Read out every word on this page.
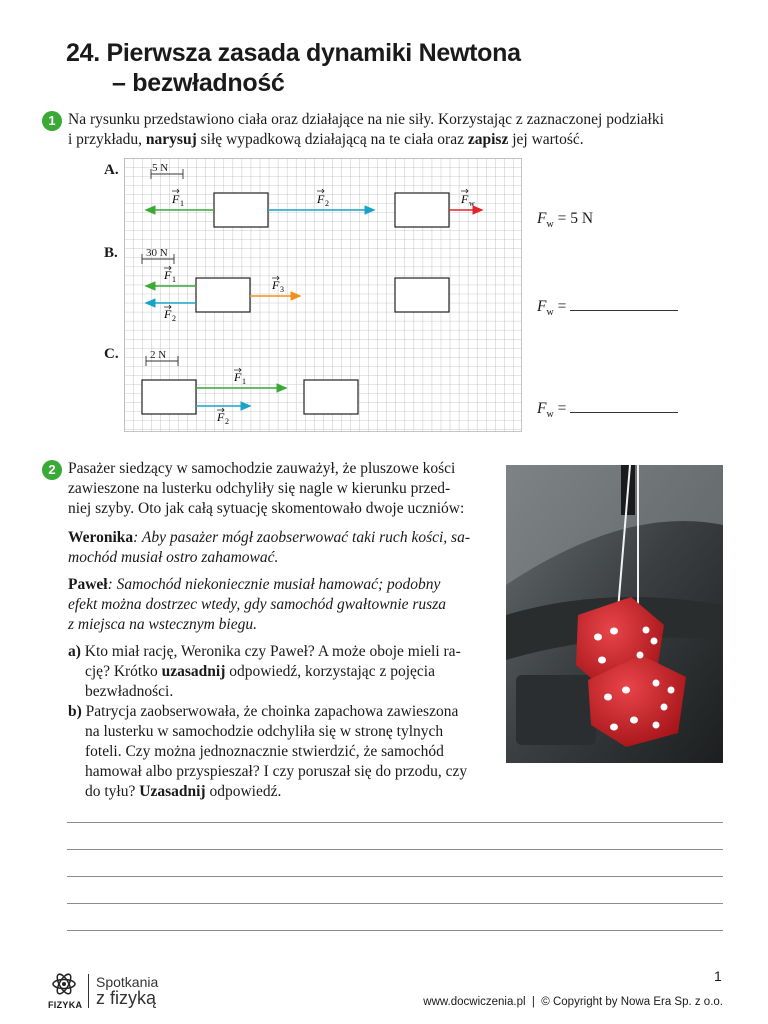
24. Pierwsza zasada dynamiki Newtona
– bezwładność
1 Na rysunku przedstawiono ciała oraz działające na nie siły. Korzystając z zaznaczonej podziałki
i przykładu, narysuj siłę wypadkową działającą na te ciała oraz zapisz jej wartość.
A.
B.
C.
5 N
F 1	F 2	F w
30 N
F 1
F 2
F 3
2 N
F 1
F 2
$F_w = 5$ N
$F_w$ =
$F_w$ =
2 Pasażer siedzący w samochodzie zauważył, że pluszowe kości
zawieszone na lusterku odchyliły się nagle w kierunku przed-
niej szyby. Oto jak całą sytuację skomentowało dwoje uczniów:
Weronika: Aby pasażer mógł zaobserwować taki ruch kości, sa-
mochód musiał ostro zahamować.
Paweł: Samochód niekoniecznie musiał hamować; podobny
efekt można dostrzec wtedy, gdy samochód gwałtownie rusza
z miejsca na wstecznym biegu.
a) Kto miał rację, Weronika czy Paweł? A może oboje mieli ra-
cję? Krótko uzasadnij odpowiedź, korzystając z pojęcia
bezwładności.
b) Patrycja zaobserwowała, że choinka zapachowa zawieszona
na lusterku w samochodzie odchyliła się w stronę tylnych
foteli. Czy można jednoznacznie stwierdzić, że samochód
hamował albo przyspieszał? I czy poruszał się do przodu, czy
do tyłu? Uzasadnij odpowiedź.
FIZYKA
Spotkania
z fizyką
1
www.docwiczenia.pl  |  © Copyright by Nowa Era Sp. z o.o.
